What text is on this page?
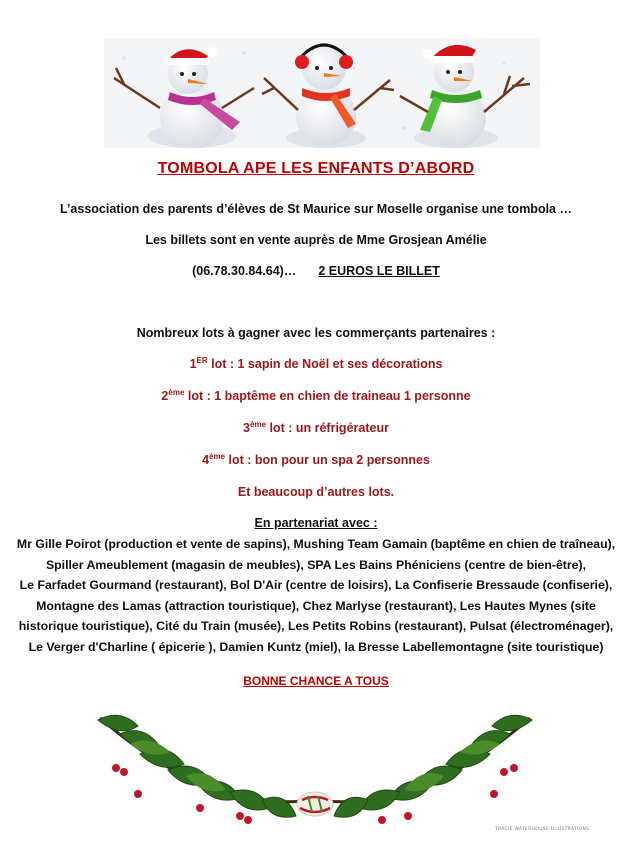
TOMBOLA APE LES ENFANTS D’ABORD
L’association des parents d’élèves de St Maurice sur Moselle organise une tombola …
Les billets sont en vente auprès de Mme Grosjean Amélie
(06.78.30.84.64)… 2 EUROS LE BILLET
Nombreux lots à gagner avec les commerçants partenaires :
1ER lot : 1 sapin de Noël et ses décorations
2ème lot : 1 baptême en chien de traineau 1 personne
3ème lot : un réfrigérateur
4ème lot : bon pour un spa 2 personnes
Et beaucoup d’autres lots.
En partenariat avec :
Mr Gille Poirot (production et vente de sapins), Mushing Team Gamain (baptême en chien de traîneau),
Spiller Ameublement (magasin de meubles), SPA Les Bains Phéniciens (centre de bien-être),
Le Farfadet Gourmand (restaurant), Bol D'Air (centre de loisirs), La Confiserie Bressaude (confiserie),
Montagne des Lamas (attraction touristique), Chez Marlyse (restaurant), Les Hautes Mynes (site
historique touristique), Cité du Train (musée), Les Petits Robins (restaurant), Pulsat (électroménager),
Le Verger d'Charline ( épicerie ), Damien Kuntz (miel), la Bresse Labellemontagne (site touristique)
BONNE CHANCE A TOUS
TRACIE WATERHOUSE ILLUSTRATIONS
